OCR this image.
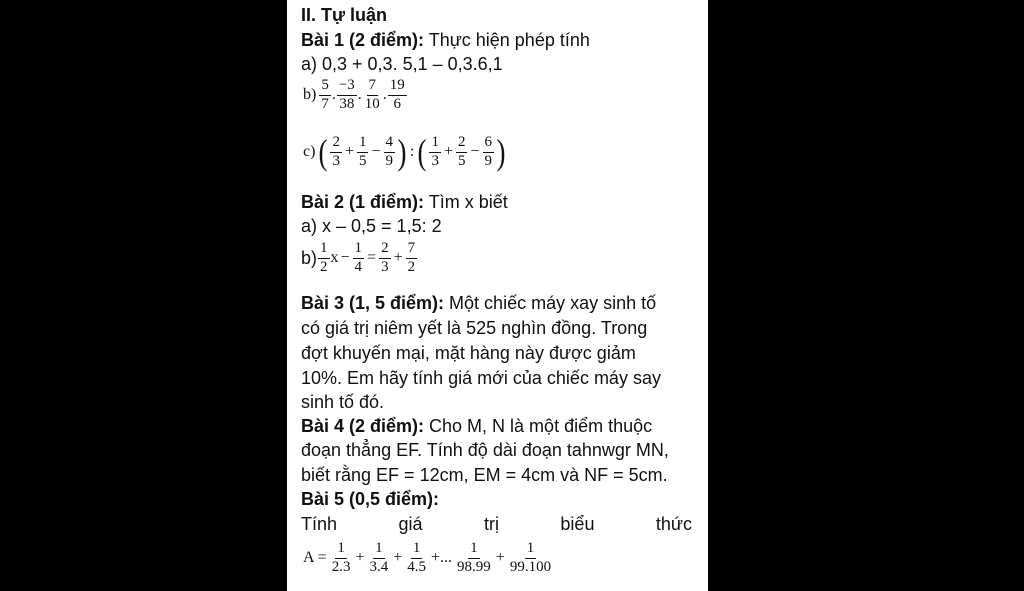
II. Tự luận
Bài 1 (2 điểm): Thực hiện phép tính
a) 0,3 + 0,3. 5,1 – 0,3.6,1
$b) \frac{5}{7}$ . $\frac{-3}{38}$ . $\frac{7}{10}$ . $\frac{19}{6}$
c) ( $\frac{2}{3} + \frac{1}{5} - \frac{4}{9}$ ) : ( $\frac{1}{3} + \frac{2}{5} - \frac{6}{9}$ )
Bài 2 (1 điểm): Tìm x biết
a) x – 0,5 = 1,5: 2
$b) \frac{1}{2}$ $x - \frac{1}{4} = \frac{2}{3} + \frac{7}{2}$
Bài 3 (1, 5 điểm): Một chiếc máy xay sinh tố
có giá trị niêm yết là 525 nghìn đồng. Trong
đợt khuyến mại, mặt hàng này được giảm
10%. Em hãy tính giá mới của chiếc máy say
sinh tố đó.
Bài 4 (2 điểm): Cho M, N là một điểm thuộc
đoạn thẳng EF. Tính độ dài đoạn tahnwgr MN,
biết rằng EF = 12cm, EM = 4cm và NF = 5cm.
Bài 5 (0,5 điểm):
Tính	giá	trị	biểu	thức
$A = \frac{1}{2.3} + \frac{1}{3.4} + \frac{1}{4.5}$ +... $\frac{1}{98.99} + \frac{1}{99.100}$
